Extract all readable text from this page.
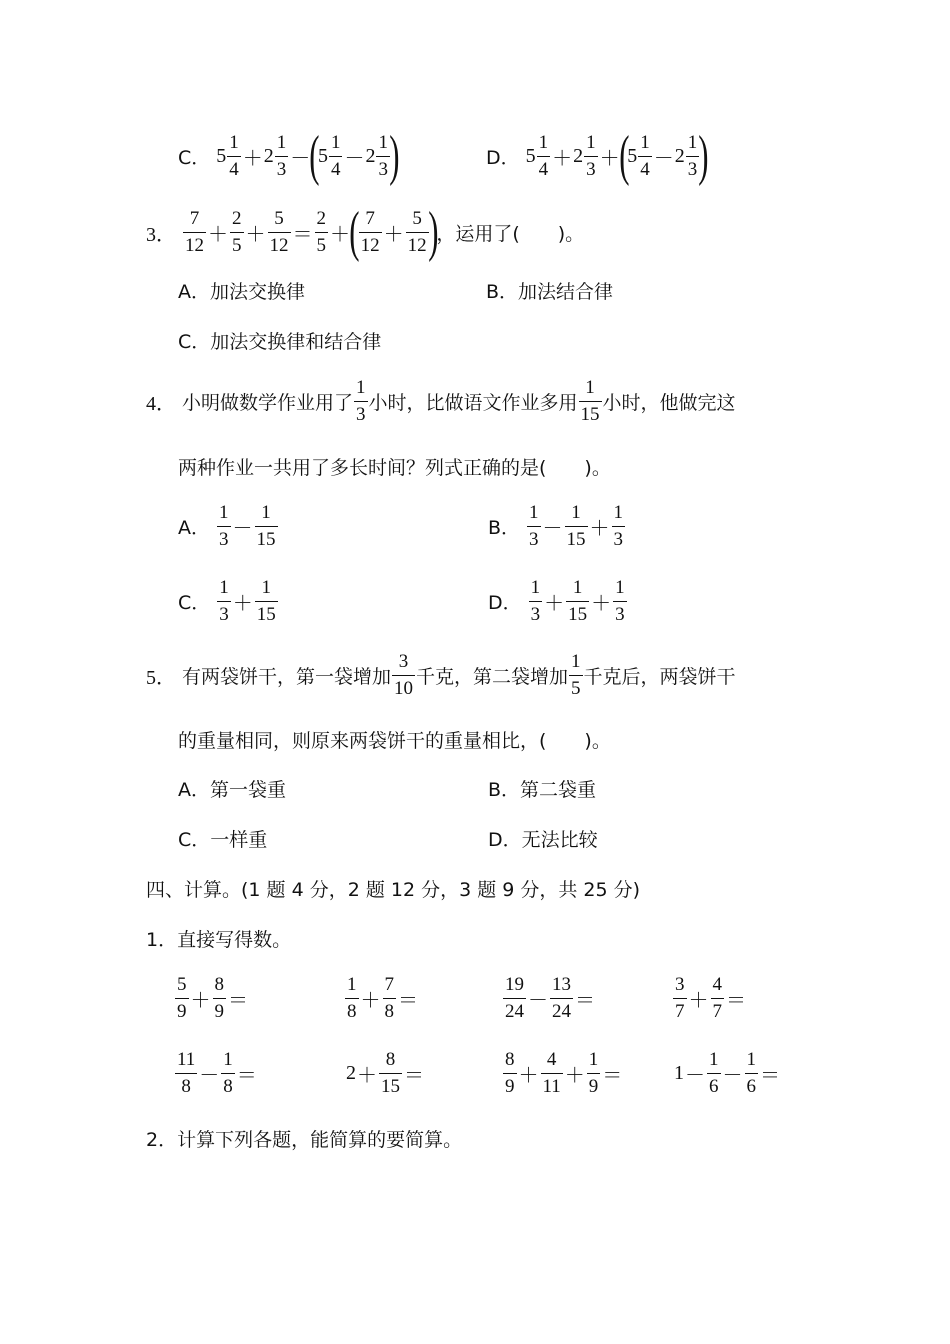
C． $5 \frac{1}{4} + 2 \frac{1}{3}$ － (
$5 \frac{1}{4} - 2 \frac{1}{3}$ )	D． $5 \frac{1}{4} + 2 \frac{1}{3}$ ＋ (
$5 \frac{1}{4} - 2 \frac{1}{3}$ )
3． $\frac{7}{12} + \frac{2}{5} + \frac{5}{12} = \frac{2}{5}$ ＋ ( $\frac{7}{12} + \frac{5}{12}$ )
，运用了(　　)。
A．加法交换律	B．加法结合律
C．加法交换律和结合律
4． 小明做数学作业用了 $\frac{1}{3}$ 小时，比做语文作业多用 $\frac{1}{15}$ 小时，他做完这
两种作业一共用了多长时间？列式正确的是(　　)。
A． $\frac{1}{3} - \frac{1}{15}$	B． $\frac{1}{3} - \frac{1}{15} + \frac{1}{3}$
C． $\frac{1}{3} + \frac{1}{15}$	D． $\frac{1}{3} + \frac{1}{15} + \frac{1}{3}$
5． 有两袋饼干，第一袋增加 $\frac{3}{10}$ 千克，第二袋增加 $\frac{1}{5}$ 千克后，两袋饼干
的重量相同，则原来两袋饼干的重量相比，(　　)。
A．第一袋重	B．第二袋重
C．一样重	D．无法比较
四、计算。(1 题 4 分，2 题 12 分，3 题 9 分，共 25 分)
1．直接写得数。
$\frac{5}{9} + \frac{8}{9}$ ＝	$\frac{1}{8} + \frac{7}{8}$ ＝	$\frac{19}{24} - \frac{13}{24}$ ＝	$\frac{3}{7} + \frac{4}{7}$ ＝
$\frac{11}{8} - \frac{1}{8}$ ＝	$2 + \frac{8}{15}$ ＝	$\frac{8}{9} + \frac{4}{11} + \frac{1}{9}$ ＝	$1 - \frac{1}{6} - \frac{1}{6}$ ＝
2．计算下列各题，能简算的要简算。
